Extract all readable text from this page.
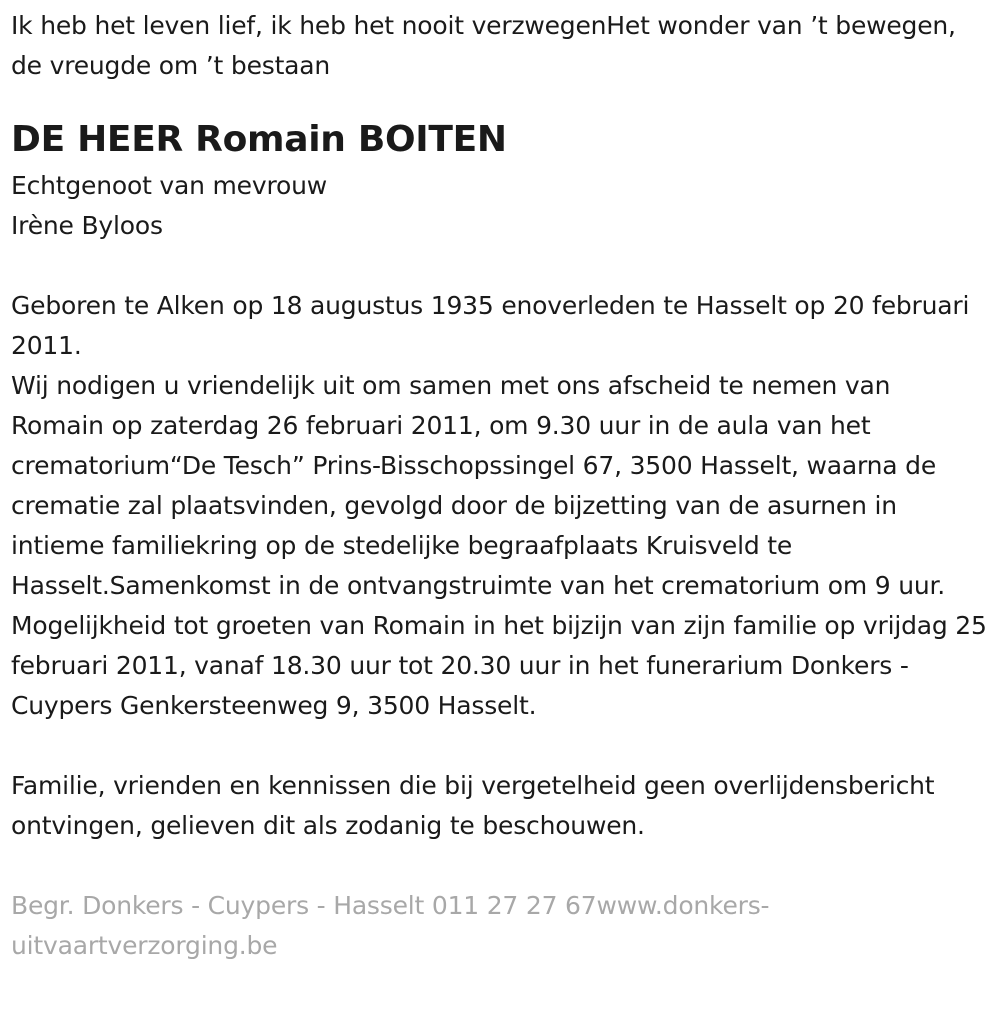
Ik heb het leven lief, ik heb het nooit verzwegenHet wonder van ’t bewegen, de vreugde om ’t bestaan

DE HEER Romain BOITEN

Echtgenoot van mevrouw

Irène Byloos

Geboren te Alken op 18 augustus 1935 enoverleden te Hasselt op 20 februari 2011.

Wij nodigen u vriendelijk uit om samen met ons afscheid te nemen van Romain op zaterdag 26 februari 2011, om 9.30 uur in de aula van het crematorium“De Tesch” Prins-Bisschopssingel 67, 3500 Hasselt, waarna de crematie zal plaatsvinden, gevolgd door de bijzetting van de asurnen in intieme familiekring op de stedelijke begraafplaats Kruisveld te Hasselt.Samenkomst in de ontvangstruimte van het crematorium om 9 uur.

Mogelijkheid tot groeten van Romain in het bijzijn van zijn familie op vrijdag 25 februari 2011, vanaf 18.30 uur tot 20.30 uur in het funerarium Donkers - Cuypers Genkersteenweg 9, 3500 Hasselt.

Familie, vrienden en kennissen die bij vergetelheid geen overlijdensbericht ontvingen, gelieven dit als zodanig te beschouwen.

Begr. Donkers - Cuypers - Hasselt 011 27 27 67www.donkers-uitvaartverzorging.be
